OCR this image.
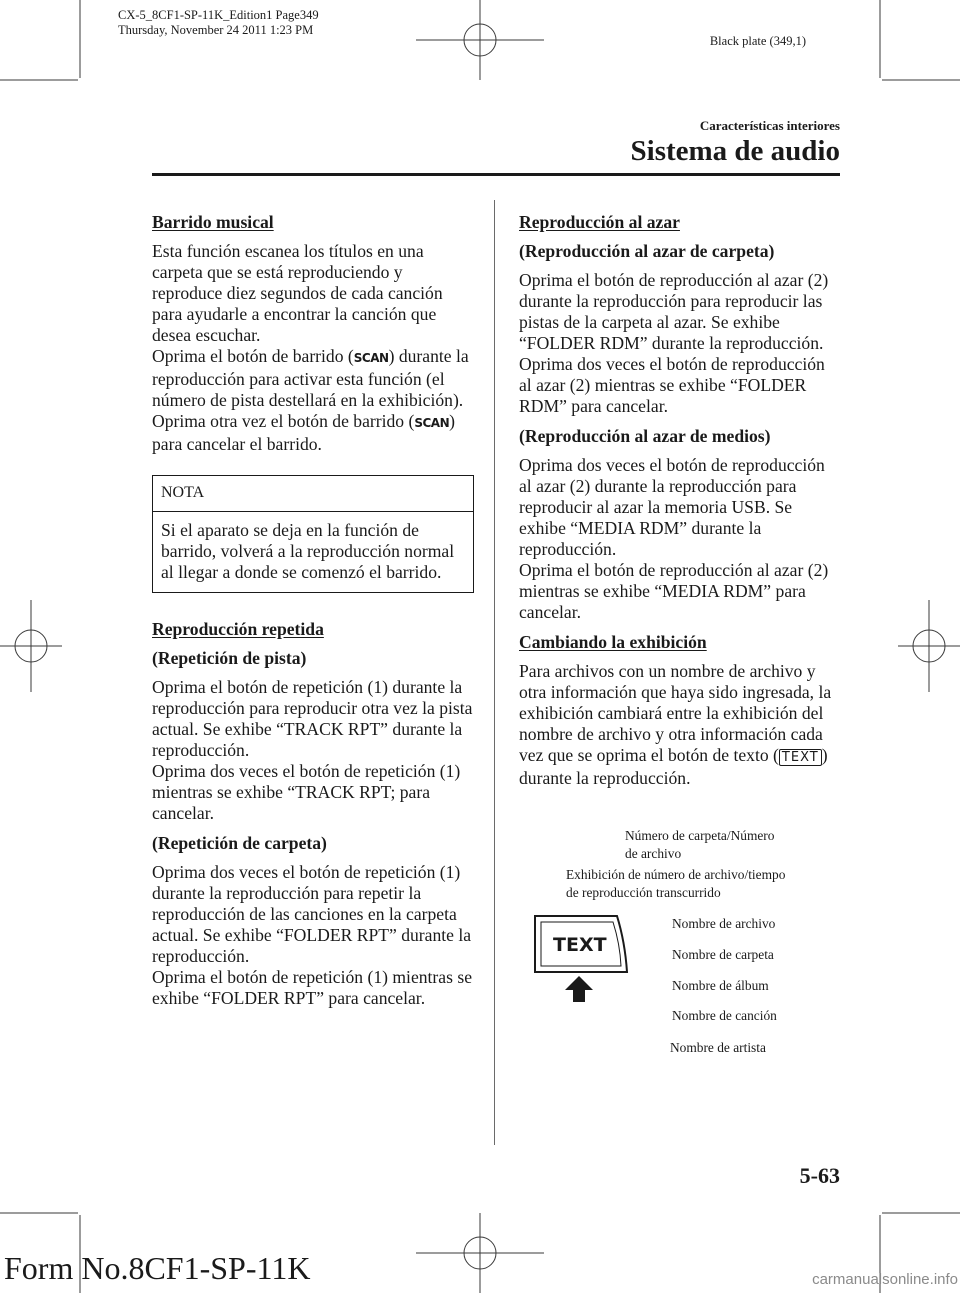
CX-5_8CF1-SP-11K_Edition1 Page349
Thursday, November 24 2011 1:23 PM
Black plate (349,1)
Características interiores
Sistema de audio

Barrido musical

Esta función escanea los títulos en una carpeta que se está reproduciendo y reproduce diez segundos de cada canción para ayudarle a encontrar la canción que desea escuchar.

Oprima el botón de barrido (SCAN) durante la reproducción para activar esta función (el número de pista destellará en la exhibición). Oprima otra vez el botón de barrido (SCAN) para cancelar el barrido.

NOTA
Si el aparato se deja en la función de barrido, volverá a la reproducción normal al llegar a donde se comenzó el barrido.

Reproducción repetida

(Repetición de pista)

Oprima el botón de repetición (1) durante la reproducción para reproducir otra vez la pista actual. Se exhibe “TRACK RPT” durante la reproducción.

Oprima dos veces el botón de repetición (1) mientras se exhibe “TRACK RPT; para cancelar.

(Repetición de carpeta)

Oprima dos veces el botón de repetición (1) durante la reproducción para repetir la reproducción de las canciones en la carpeta actual. Se exhibe “FOLDER RPT” durante la reproducción.

Oprima el botón de repetición (1) mientras se exhibe “FOLDER RPT” para cancelar.

Reproducción al azar

(Reproducción al azar de carpeta)

Oprima el botón de reproducción al azar (2) durante la reproducción para reproducir las pistas de la carpeta al azar. Se exhibe “FOLDER RDM” durante la reproducción.

Oprima dos veces el botón de reproducción al azar (2) mientras se exhibe “FOLDER RDM” para cancelar.

(Reproducción al azar de medios)

Oprima dos veces el botón de reproducción al azar (2) durante la reproducción para reproducir al azar la memoria USB. Se exhibe “MEDIA RDM” durante la reproducción.

Oprima el botón de reproducción al azar (2) mientras se exhibe “MEDIA RDM” para cancelar.

Cambiando la exhibición

Para archivos con un nombre de archivo y otra información que haya sido ingresada, la exhibición cambiará entre la exhibición del nombre de archivo y otra información cada vez que se oprima el botón de texto ( TEXT ) durante la reproducción.

Número de carpeta/Número
de archivo
Exhibición de número de archivo/tiempo
de reproducción transcurrido
TEXT
Nombre de archivo
Nombre de carpeta
Nombre de álbum
Nombre de canción
Nombre de artista
5-63
Form No.8CF1-SP-11K	carmanualsonline.info
